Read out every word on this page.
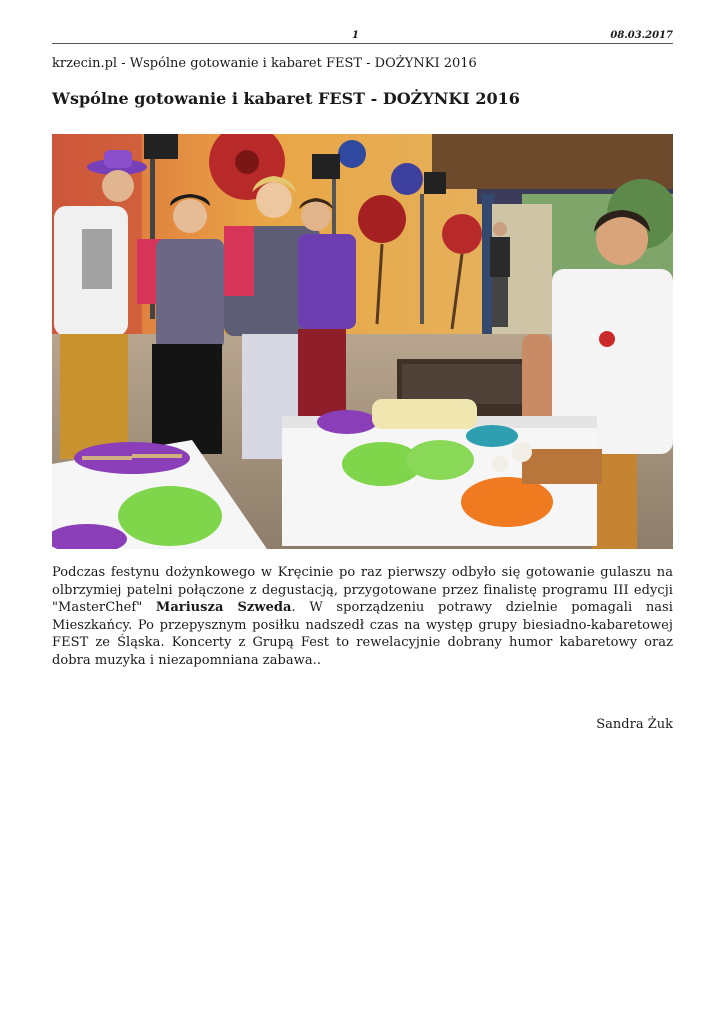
1	08.03.2017
krzecin.pl - Wspólne gotowanie i kabaret FEST - DOŻYNKI 2016
Wspólne gotowanie i kabaret FEST - DOŻYNKI 2016

Podczas festynu dożynkowego w Kręcinie po raz pierwszy odbyło się gotowanie gulaszu na olbrzymiej patelni połączone z degustacją, przygotowane przez finalistę programu III edycji "MasterChef" Mariusza Szweda. W sporządzeniu potrawy dzielnie pomagali nasi Mieszkańcy. Po przepysznym posiłku nadszedł czas na występ grupy biesiadno-kabaretowej FEST ze Śląska. Koncerty z Grupą Fest to rewelacyjnie dobrany humor kabaretowy oraz dobra muzyka i niezapomniana zabawa..

Sandra Żuk
